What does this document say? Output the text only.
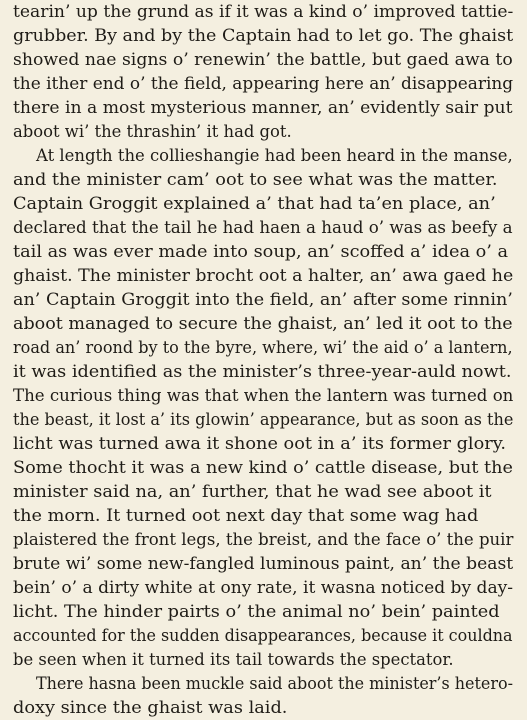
tearin’ up the grund as if it was a kind o’ improved tattie-
grubber. By and by the Captain had to let go. The ghaist
showed nae signs o’ renewin’ the battle, but gaed awa to
the ither end o’ the field, appearing here an’ disappearing
there in a most mysterious manner, an’ evidently sair put
aboot wi’ the thrashin’ it had got.
At length the collieshangie had been heard in the manse,
and the minister cam’ oot to see what was the matter.
Captain Groggit explained a’ that had ta’en place, an’
declared that the tail he had haen a haud o’ was as beefy a
tail as was ever made into soup, an’ scoffed a’ idea o’ a
ghaist. The minister brocht oot a halter, an’ awa gaed he
an’ Captain Groggit into the field, an’ after some rinnin’
aboot managed to secure the ghaist, an’ led it oot to the
road an’ roond by to the byre, where, wi’ the aid o’ a lantern,
it was identified as the minister’s three-year-auld nowt.
The curious thing was that when the lantern was turned on
the beast, it lost a’ its glowin’ appearance, but as soon as the
licht was turned awa it shone oot in a’ its former glory.
Some thocht it was a new kind o’ cattle disease, but the
minister said na, an’ further, that he wad see aboot it
the morn. It turned oot next day that some wag had
plaistered the front legs, the breist, and the face o’ the puir
brute wi’ some new-fangled luminous paint, an’ the beast
bein’ o’ a dirty white at ony rate, it wasna noticed by day-
licht. The hinder pairts o’ the animal no’ bein’ painted
accounted for the sudden disappearances, because it couldna
be seen when it turned its tail towards the spectator.
There hasna been muckle said aboot the minister’s hetero-
doxy since the ghaist was laid.
